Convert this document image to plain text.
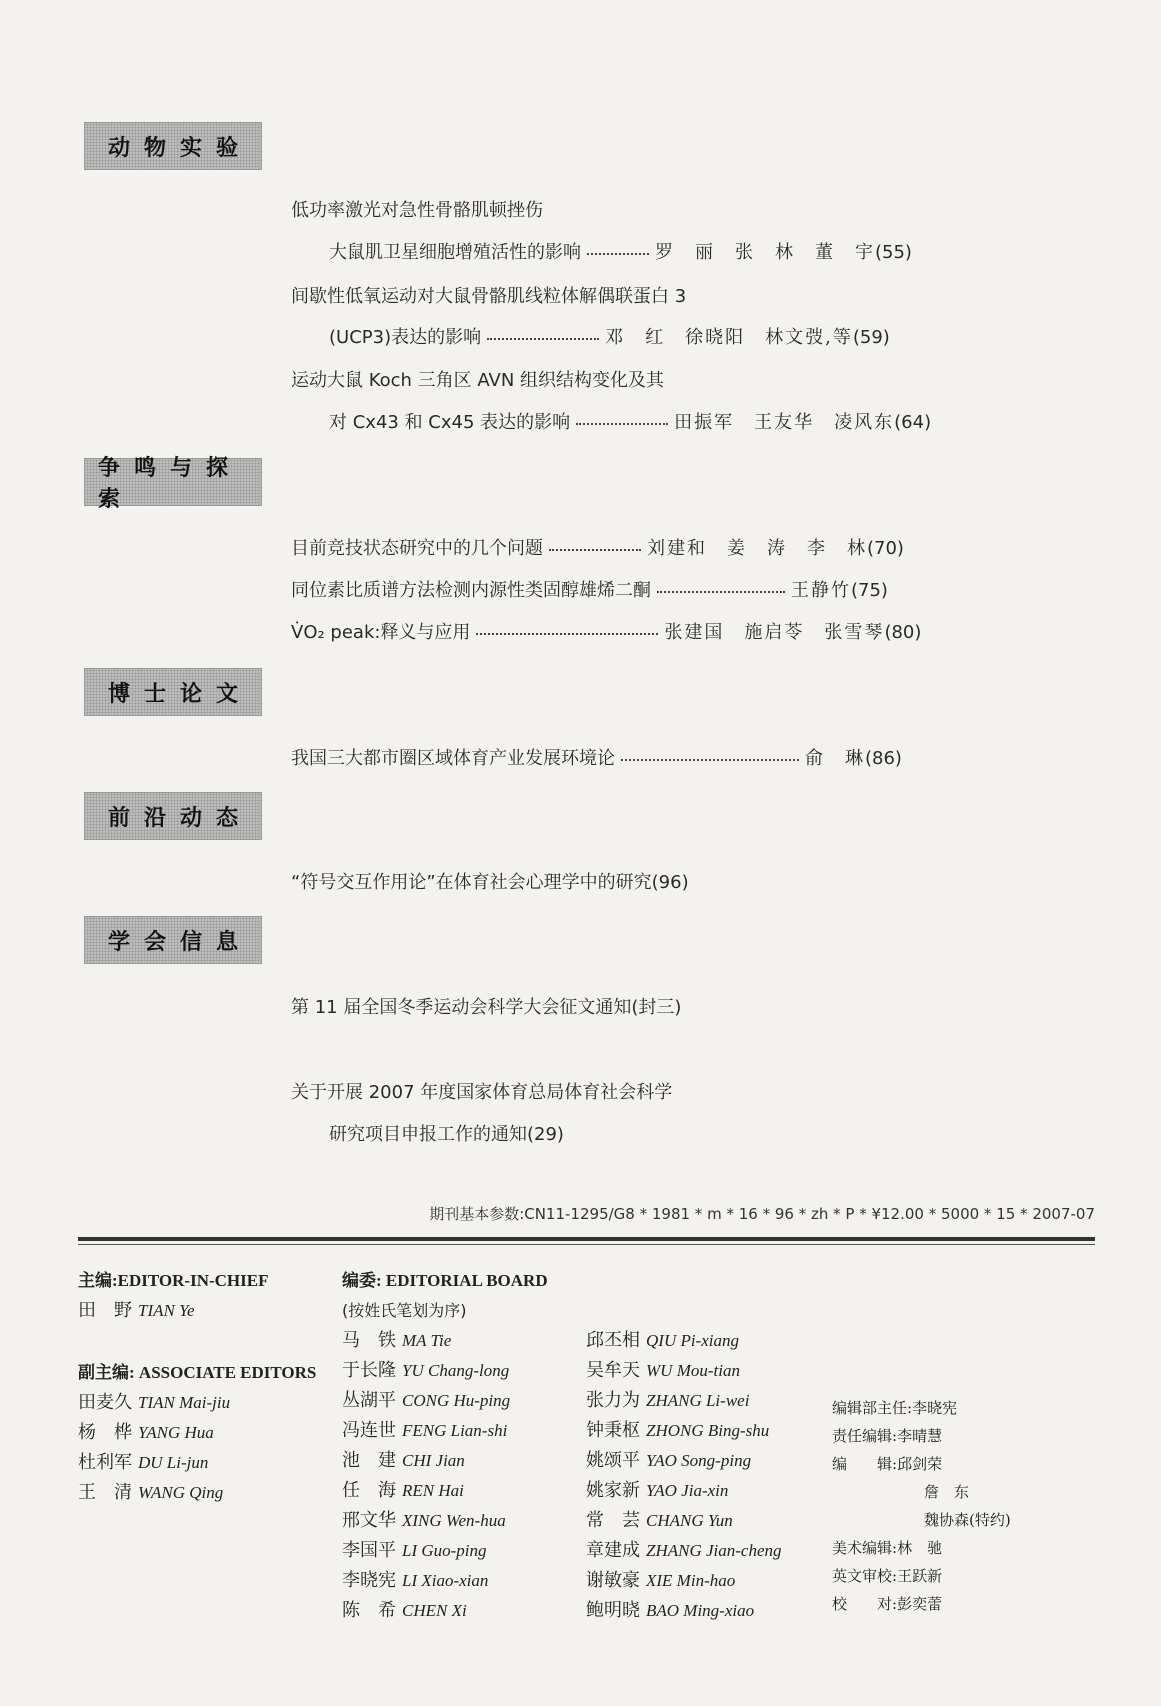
动物实验
争鸣与探索
博士论文
前沿动态
学会信息
低功率激光对急性骨骼肌顿挫伤
大鼠肌卫星细胞增殖活性的影响	罗　丽　张　林　董　宇(55)
间歇性低氧运动对大鼠骨骼肌线粒体解偶联蛋白 3
(UCP3)表达的影响	邓　红　徐晓阳　林文弢,等(59)
运动大鼠 Koch 三角区 AVN 组织结构变化及其
对 Cx43 和 Cx45 表达的影响	田振军　王友华　凌风东(64)
目前竞技状态研究中的几个问题	刘建和　姜　涛　李　林(70)
同位素比质谱方法检测内源性类固醇雄烯二酮	王静竹(75)
V̇O₂ peak:释义与应用	张建国　施启苓　张雪琴(80)
我国三大都市圈区域体育产业发展环境论	俞　琳(86)
“符号交互作用论”在体育社会心理学中的研究(96)
第 11 届全国冬季运动会科学大会征文通知(封三)
关于开展 2007 年度国家体育总局体育社会科学
研究项目申报工作的通知(29)
期刊基本参数:CN11-1295/G8 * 1981 * m * 16 * 96 * zh * P * ¥12.00 * 5000 * 15 * 2007-07
主编:EDITOR-IN-CHIEF
田　野 TIAN Ye
副主编: ASSOCIATE EDITORS
田麦久 TIAN Mai-jiu
杨　桦 YANG Hua
杜利军 DU Li-jun
王　清 WANG Qing
编委: EDITORIAL BOARD
(按姓氏笔划为序)
马　铁 MA Tie
于长隆 YU Chang-long
丛湖平 CONG Hu-ping
冯连世 FENG Lian-shi
池　建 CHI Jian
任　海 REN Hai
邢文华 XING Wen-hua
李国平 LI Guo-ping
李晓宪 LI Xiao-xian
陈　希 CHEN Xi
邱丕相 QIU Pi-xiang
吴牟天 WU Mou-tian
张力为 ZHANG Li-wei
钟秉枢 ZHONG Bing-shu
姚颂平 YAO Song-ping
姚家新 YAO Jia-xin
常　芸 CHANG Yun
章建成 ZHANG Jian-cheng
谢敏豪 XIE Min-hao
鲍明晓 BAO Ming-xiao
编辑部主任:李晓宪
责任编辑:李晴慧
编　　辑:邱剑荣
詹　东
魏协森(特约)
美术编辑:林　驰
英文审校:王跃新
校　　对:彭奕蕾
